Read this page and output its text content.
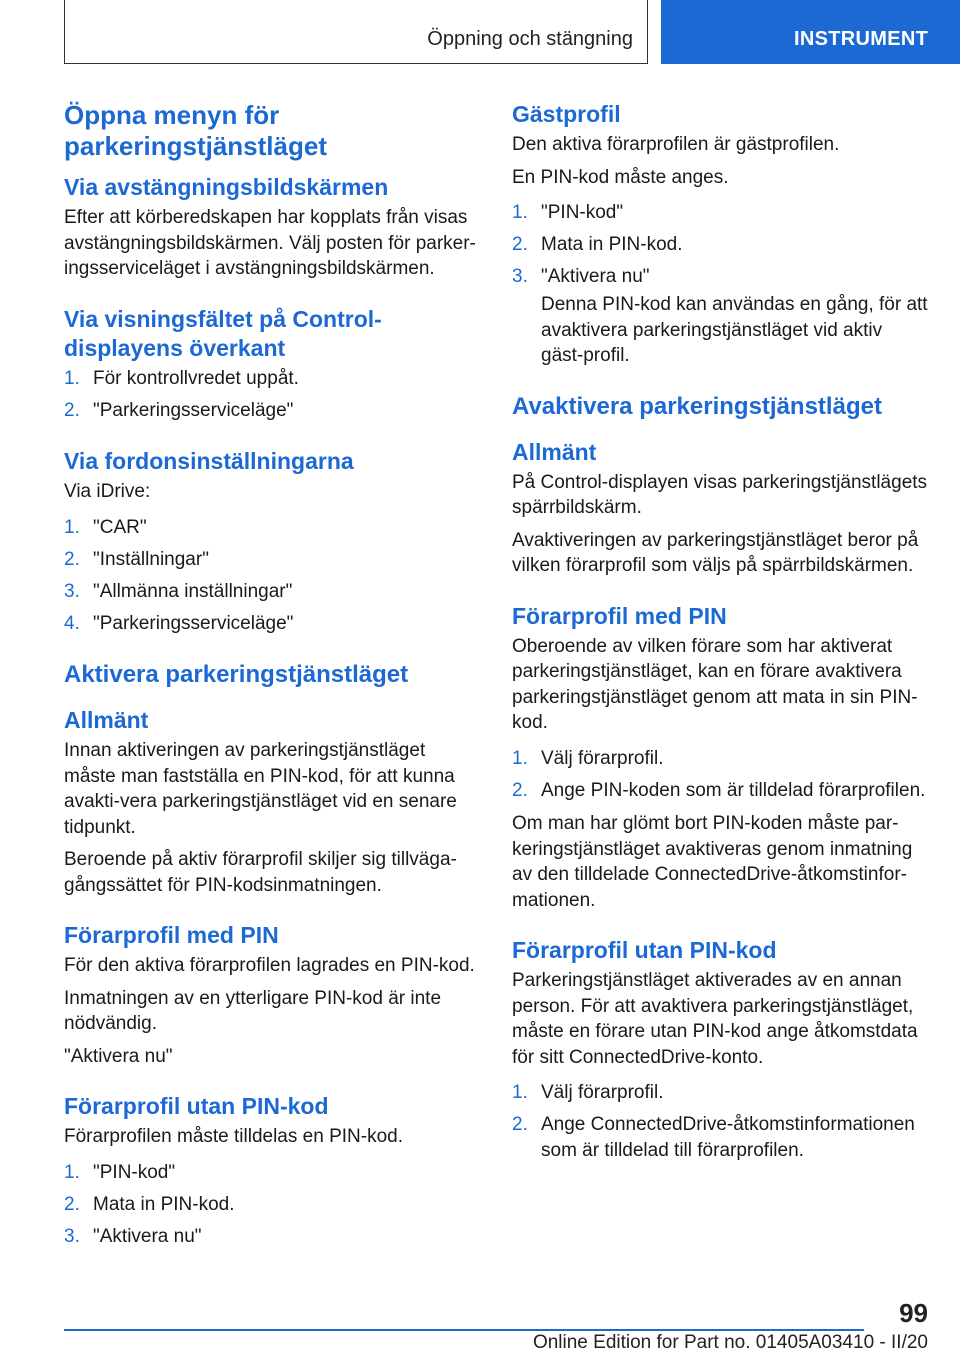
Öppning och stängning	INSTRUMENT
Öppna menyn för parkeringstjänstläget
Via avstängningsbildskärmen

Efter att körberedskapen har kopplats från visas avstängningsbildskärmen. Välj posten för parker‐ingsserviceläget i avstängningsbildskärmen.

Via visningsfältet på Control-displayens överkant
1. För kontrollvredet uppåt.
2. "Parkeringsserviceläge"
Via fordonsinställningarna

Via iDrive:

1. "CAR"
2. "Inställningar"
3. "Allmänna inställningar"
4. "Parkeringsserviceläge"
Aktivera parkeringstjänstläget
Allmänt

Innan aktiveringen av parkeringstjänstläget måste man fastställa en PIN-kod, för att kunna avakti‐vera parkeringstjänstläget vid en senare tidpunkt.

Beroende på aktiv förarprofil skiljer sig tillväga‐gångssättet för PIN-kodsinmatningen.

Förarprofil med PIN

För den aktiva förarprofilen lagrades en PIN-kod.

Inmatningen av en ytterligare PIN-kod är inte nödvändig.

"Aktivera nu"

Förarprofil utan PIN-kod

Förarprofilen måste tilldelas en PIN-kod.

1. "PIN-kod"
2. Mata in PIN-kod.
3. "Aktivera nu"
Gästprofil

Den aktiva förarprofilen är gästprofilen.

En PIN-kod måste anges.

1. "PIN-kod"
2. Mata in PIN-kod.
3. "Aktivera nu"

Denna PIN-kod kan användas en gång, för att avaktivera parkeringstjänstläget vid aktiv gäst‐profil.

Avaktivera parkeringstjänstläget
Allmänt

På Control-displayen visas parkeringstjänstlägets spärrbildskärm.

Avaktiveringen av parkeringstjänstläget beror på vilken förarprofil som väljs på spärrbildskärmen.

Förarprofil med PIN

Oberoende av vilken förare som har aktiverat parkeringstjänstläget, kan en förare avaktivera parkeringstjänstläget genom att mata in sin PIN-kod.

1. Välj förarprofil.
2. Ange PIN-koden som är tilldelad förarprofilen.

Om man har glömt bort PIN-koden måste par‐keringstjänstläget avaktiveras genom inmatning av den tilldelade ConnectedDrive-åtkomstinfor‐mationen.

Förarprofil utan PIN-kod

Parkeringstjänstläget aktiverades av en annan person. För att avaktivera parkeringstjänstläget, måste en förare utan PIN-kod ange åtkomstdata för sitt ConnectedDrive-konto.

1. Välj förarprofil.
2. Ange ConnectedDrive-åtkomstinformationen som är tilldelad till förarprofilen.
99
Online Edition for Part no. 01405A03410 - II/20
